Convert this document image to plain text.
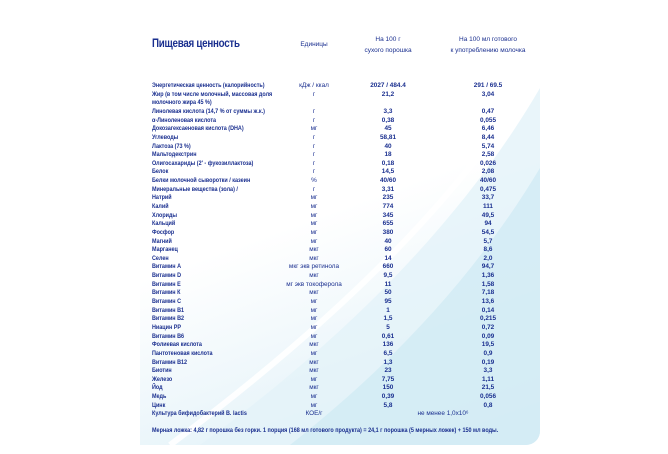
Пищевая ценность	Единицы
На 100 г
сухого порошка
На 100 мл готового
к употреблению молочка
Энергетическая ценность (калорийность)	кДж / ккал	2027 / 484.4	291 / 69.5
Жир (в том числе молочный, массовая доля молочного жира 45 %)
г	21,2	3,04
Линолевая кислота (14,7 % от суммы ж.к.)	г	3,3	0,47
α-Линоленовая кислота	г	0,38	0,055
Докозагексаеновая кислота (DHA)	мг	45	6,46
Углеводы	г	58,81	8,44
Лактоза (73 %)	г	40	5,74
Мальтодекстрин	г	18	2,58
Олигосахариды (2' - фукозиллактоза)	г	0,18	0,026
Белок	г	14,5	2,08
Белки молочной сыворотки / казеин	%	40/60	40/60
Минеральные вещества (зола) /	г	3,31	0,475
Натрий	мг	235	33,7
Калий	мг	774	111
Хлориды	мг	345	49,5
Кальций	мг	655	94
Фосфор	мг	380	54,5
Магний	мг	40	5,7
Марганец	мкг	60	8,6
Селен	мкг	14	2,0
Витамин А	мкг экв ретинола	660	94,7
Витамин D	мкг	9,5	1,36
Витамин Е	мг экв токоферола	11	1,58
Витамин К	мкг	50	7,18
Витамин С	мг	95	13,6
Витамин В1	мг	1	0,14
Витамин В2	мг	1,5	0,215
Ниацин РР	мг	5	0,72
Витамин В6	мг	0,61	0,09
Фолиевая кислота	мкг	136	19,5
Пантотеновая кислота	мг	6,5	0,9
Витамин В12	мкг	1,3	0,19
Биотин	мкг	23	3,3
Железо	мг	7,75	1,11
Йод	мкг	150	21,5
Медь	мг	0,39	0,056
Цинк	мг	5,8	0,8
Культура бифидобактерий B. lactis	КОЕ/г	не менее 1,0х10⁶
Мерная ложка: 4,82 г порошка без горки. 1 порция (168 мл готового продукта) = 24,1 г порошка (5 мерных ложек) + 150 мл воды.
